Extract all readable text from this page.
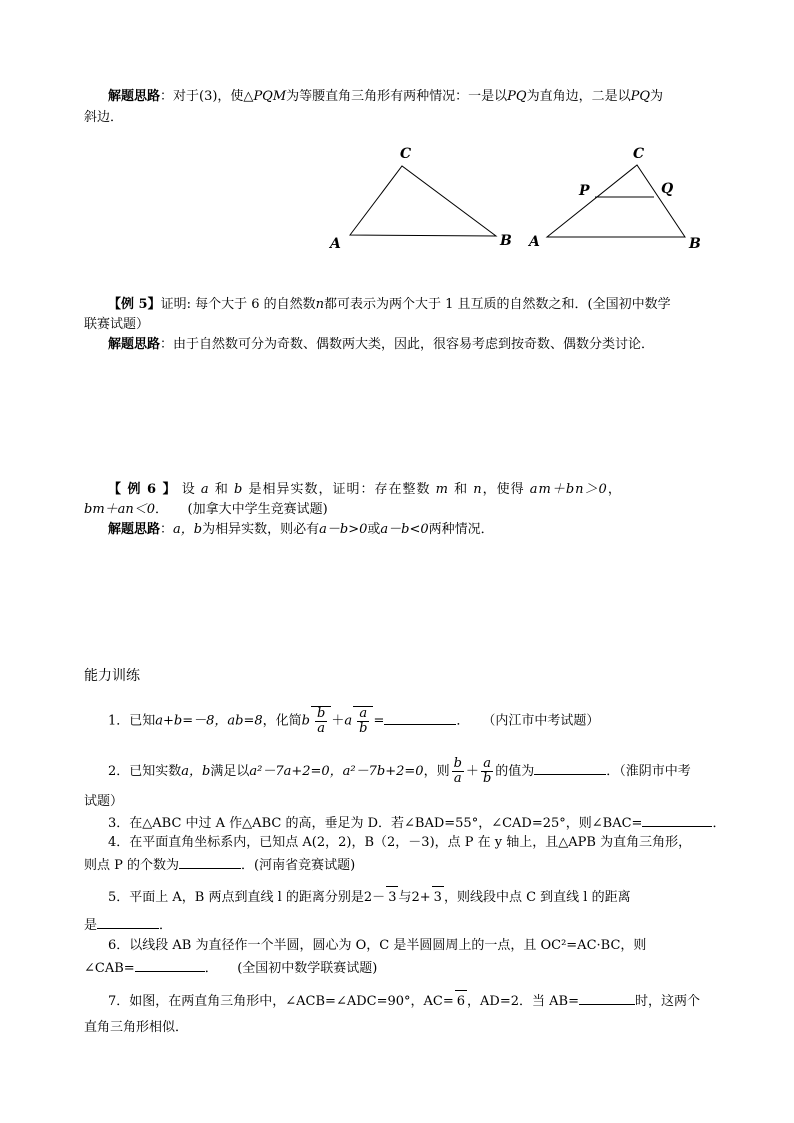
解题思路：对于(3)，使△PQM为等腰直角三角形有两种情况：一是以PQ为直角边，二是以PQ为
斜边．
C
A	B
C
P	Q
A	B
【例 5】证明: 每个大于 6 的自然数n都可表示为两个大于 1 且互质的自然数之和．(全国初中数学
联赛试题）
解题思路：由于自然数可分为奇数、偶数两大类，因此，很容易考虑到按奇数、偶数分类讨论．
【 例 6 】 设 a 和 b 是相异实数，证明：存在整数 m 和 n，使得 am＋bn＞0，
bm＋an＜0．　　(加拿大中学生竞赛试题)
解题思路：a，b为相异实数，则必有a－b>0或a－b<0两种情况．
能力训练
1．已知a+b=－8，ab=8，化简b $\frac{b}{a} +a \frac{a}{b}$ =	．　　（内江市中考试题）
2．已知实数a，b满足以a²－7a+2=0，a²－7b+2=0，则 $\frac{b}{a} + \frac{a}{b}$ 的值为	．（淮阴市中考
试题）
3．在△ABC 中过 A 作△ABC 的高，垂足为 D．若∠BAD=55°，∠CAD=25°，则∠BAC=	．
4．在平面直角坐标系内，已知点 A(2，2)，B（2，－3)，点 P 在 y 轴上，且△APB 为直角三角形，
则点 P 的个数为	．(河南省竞赛试题)
5．平面上 A，B 两点到直线 l 的距离分别是2－ 3 与2+ 3 ，则线段中点 C 到直线 l 的距离
是	．
6．以线段 AB 为直径作一个半圆，圆心为 O，C 是半圆圆周上的一点，且 OC²=AC·BC，则
∠CAB=	．　　(全国初中数学联赛试题)
7．如图，在两直角三角形中，∠ACB=∠ADC=90°，AC= 6 ，AD=2．当 AB=	时，这两个
直角三角形相似．
